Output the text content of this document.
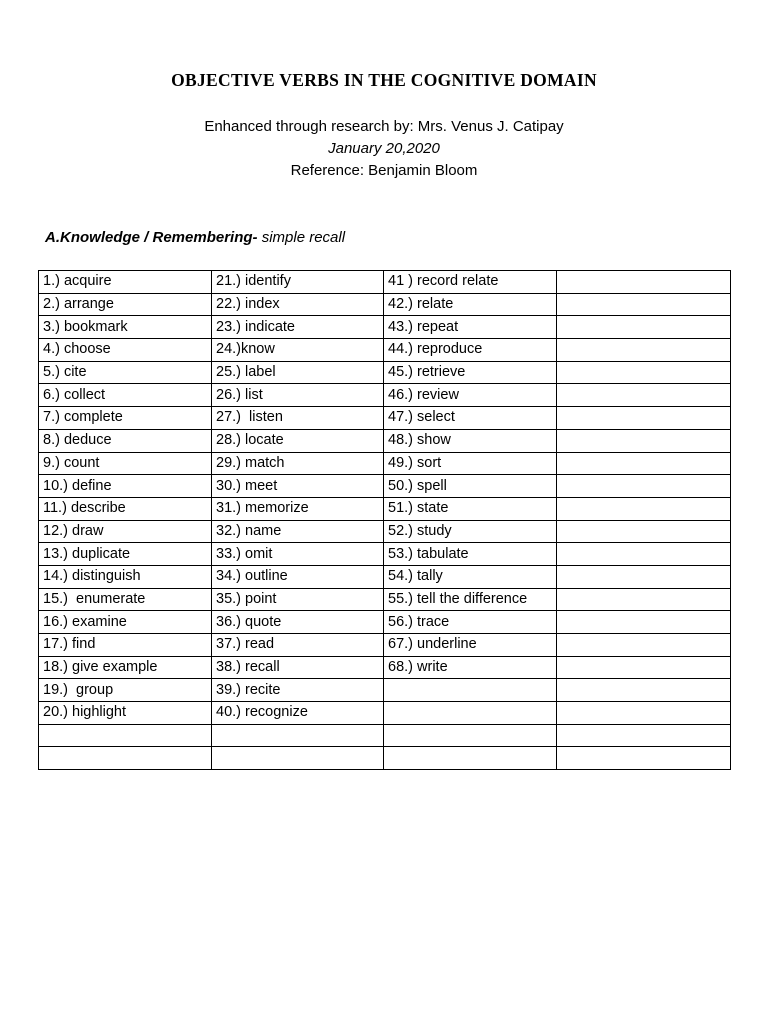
OBJECTIVE VERBS IN THE COGNITIVE DOMAIN
Enhanced through research by: Mrs. Venus J. Catipay
January 20,2020
Reference: Benjamin Bloom
A.Knowledge / Remembering- simple recall
1.) acquire	21.) identify	41 ) record relate	
2.) arrange	22.) index	42.) relate	
3.) bookmark	23.) indicate	43.) repeat	
4.) choose	24.)know	44.) reproduce	
5.) cite	25.) label	45.) retrieve	
6.) collect	26.) list	46.) review	
7.) complete	27.)  listen	47.) select	
8.) deduce	28.) locate	48.) show	
9.) count	29.) match	49.) sort	
10.) define	30.) meet	50.) spell	
11.) describe	31.) memorize	51.) state	
12.) draw	32.) name	52.) study	
13.) duplicate	33.) omit	53.) tabulate	
14.) distinguish	34.) outline	54.) tally	
15.)  enumerate	35.) point	55.) tell the difference	
16.) examine	36.) quote	56.) trace	
17.) find	37.) read	67.) underline	
18.) give example	38.) recall	68.) write	
19.)  group	39.) recite		
20.) highlight	40.) recognize		
